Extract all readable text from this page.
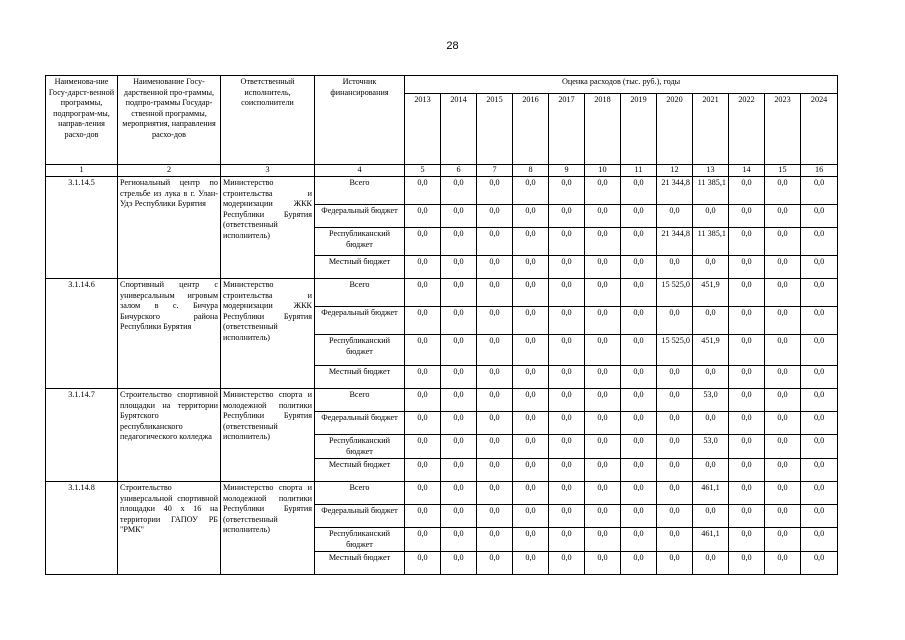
28
Наименова-ние Госу-дарст-венной программы, подпрограм-мы, направ-ления расхо-дов	Наименование Госу-дарственной про-граммы, подпро-граммы Государ-ственной программы, мероприятия, направления расхо-дов	Ответственный исполнитель, соисполнители	Источник финансирования	Оценка расходов (тыс. руб.), годы											
				2013	2014	2015	2016	2017	2018	2019	2020	2021	2022	2023	2024
1	2	3	4	5	6	7	8	9	10	11	12	13	14	15	16
3.1.14.5	Региональный центр по стрельбе из лука в г. Улан-Удэ Республики Бурятия	Министерство строительства и модернизации ЖКК Республики Бурятия (ответственный исполнитель)	Всего	0,0	0,0	0,0	0,0	0,0	0,0	0,0	21 344,8	11 385,1	0,0	0,0	0,0
			Федеральный бюджет	0,0	0,0	0,0	0,0	0,0	0,0	0,0	0,0	0,0	0,0	0,0	0,0
			Республиканский бюджет	0,0	0,0	0,0	0,0	0,0	0,0	0,0	21 344,8	11 385,1	0,0	0,0	0,0
			Местный бюджет	0,0	0,0	0,0	0,0	0,0	0,0	0,0	0,0	0,0	0,0	0,0	0,0
3.1.14.6	Спортивный центр с универсальным игровым залом в с. Бичура Бичурского района Республики Бурятия	Министерство строительства и модернизации ЖКК Республики Бурятия (ответственный исполнитель)	Всего	0,0	0,0	0,0	0,0	0,0	0,0	0,0	15 525,0	451,9	0,0	0,0	0,0
			Федеральный бюджет	0,0	0,0	0,0	0,0	0,0	0,0	0,0	0,0	0,0	0,0	0,0	0,0
			Республиканский бюджет	0,0	0,0	0,0	0,0	0,0	0,0	0,0	15 525,0	451,9	0,0	0,0	0,0
			Местный бюджет	0,0	0,0	0,0	0,0	0,0	0,0	0,0	0,0	0,0	0,0	0,0	0,0
3.1.14.7	Строительство спортивной площадки на территории Бурятского республиканского педагогического колледжа	Министерство спорта и молодежной политики Республики Бурятия (ответственный исполнитель)	Всего	0,0	0,0	0,0	0,0	0,0	0,0	0,0	0,0	53,0	0,0	0,0	0,0
			Федеральный бюджет	0,0	0,0	0,0	0,0	0,0	0,0	0,0	0,0	0,0	0,0	0,0	0,0
			Республиканский бюджет	0,0	0,0	0,0	0,0	0,0	0,0	0,0	0,0	53,0	0,0	0,0	0,0
			Местный бюджет	0,0	0,0	0,0	0,0	0,0	0,0	0,0	0,0	0,0	0,0	0,0	0,0
3.1.14.8	Строительство универсальной спортивной площадки 40 х 16 на территории ГАПОУ РБ "РМК"	Министерство спорта и молодежной политики Республики Бурятия (ответственный исполнитель)	Всего	0,0	0,0	0,0	0,0	0,0	0,0	0,0	0,0	461,1	0,0	0,0	0,0
			Федеральный бюджет	0,0	0,0	0,0	0,0	0,0	0,0	0,0	0,0	0,0	0,0	0,0	0,0
			Республиканский бюджет	0,0	0,0	0,0	0,0	0,0	0,0	0,0	0,0	461,1	0,0	0,0	0,0
			Местный бюджет	0,0	0,0	0,0	0,0	0,0	0,0	0,0	0,0	0,0	0,0	0,0	0,0
